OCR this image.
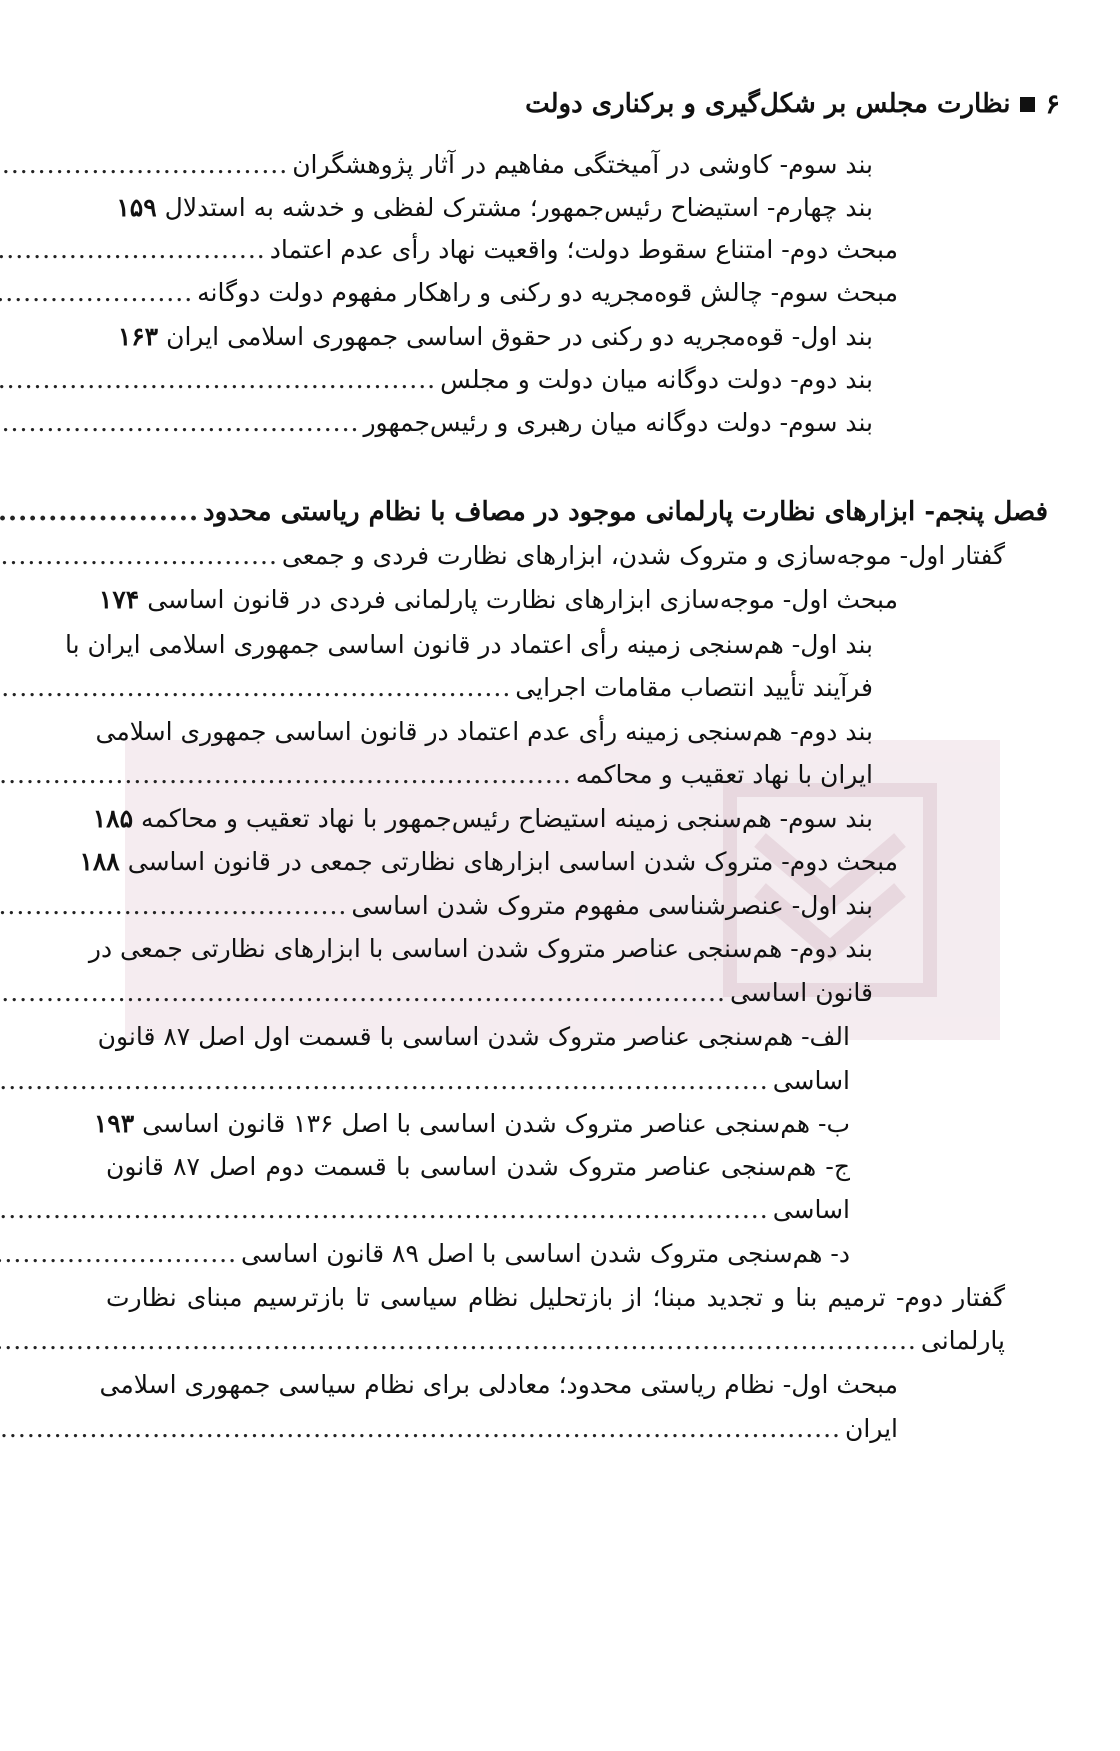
۶
نظارت مجلس بر شکل‌گیری و برکناری دولت
بند سوم- کاوشی در آمیختگی مفاهیم در آثار پژوهشگران
.....
بند چهارم- استیضاح رئیس‌جمهور؛ مشترک لفظی و خدشه به استدلال
۱۵۹
مبحث دوم- امتناع سقوط دولت؛ واقعیت نهاد رأی عدم اعتماد
.....
مبحث سوم- چالش قوه‌مجریه دو رکنی و راهکار مفهوم دولت دوگانه
.....
بند اول- قوه‌مجریه دو رکنی در حقوق اساسی جمهوری اسلامی ایران
۱۶۳
بند دوم- دولت دوگانه میان دولت و مجلس
.....
بند سوم- دولت دوگانه میان رهبری و رئیس‌جمهور
.....
فصل پنجم- ابزارهای نظارت پارلمانی موجود در مصاف با نظام ریاستی محدود
.....
گفتار اول- موجه‌سازی و متروک شدن، ابزارهای نظارت فردی و جمعی
.....
مبحث اول- موجه‌سازی ابزارهای نظارت پارلمانی فردی در قانون اساسی
۱۷۴
بند اول- هم‌سنجی زمینه رأی اعتماد در قانون اساسی جمهوری اسلامی ایران با
فرآیند تأیید انتصاب مقامات اجرایی
.....
بند دوم- هم‌سنجی زمینه رأی عدم اعتماد در قانون اساسی جمهوری اسلامی
ایران با نهاد تعقیب و محاکمه
.....
بند سوم- هم‌سنجی زمینه استیضاح رئیس‌جمهور با نهاد تعقیب و محاکمه
۱۸۵
مبحث دوم- متروک شدن اساسی ابزارهای نظارتی جمعی در قانون اساسی
۱۸۸
بند اول- عنصرشناسی مفهوم متروک شدن اساسی
.....
بند دوم- هم‌سنجی عناصر متروک شدن اساسی با ابزارهای نظارتی جمعی در
قانون اساسی
.....
الف- هم‌سنجی عناصر متروک شدن اساسی با قسمت اول اصل ۸۷ قانون
اساسی
.....
ب- هم‌سنجی عناصر متروک شدن اساسی با اصل ۱۳۶ قانون اساسی
۱۹۳
ج- هم‌سنجی عناصر متروک شدن اساسی با قسمت دوم اصل ۸۷ قانون
اساسی
.....
د- هم‌سنجی متروک شدن اساسی با اصل ۸۹ قانون اساسی
.....
گفتار دوم- ترمیم بنا و تجدید مبنا؛ از بازتحلیل نظام سیاسی تا بازترسیم مبنای نظارت
پارلمانی
.....
مبحث اول- نظام ریاستی محدود؛ معادلی برای نظام سیاسی جمهوری اسلامی
ایران
.....
